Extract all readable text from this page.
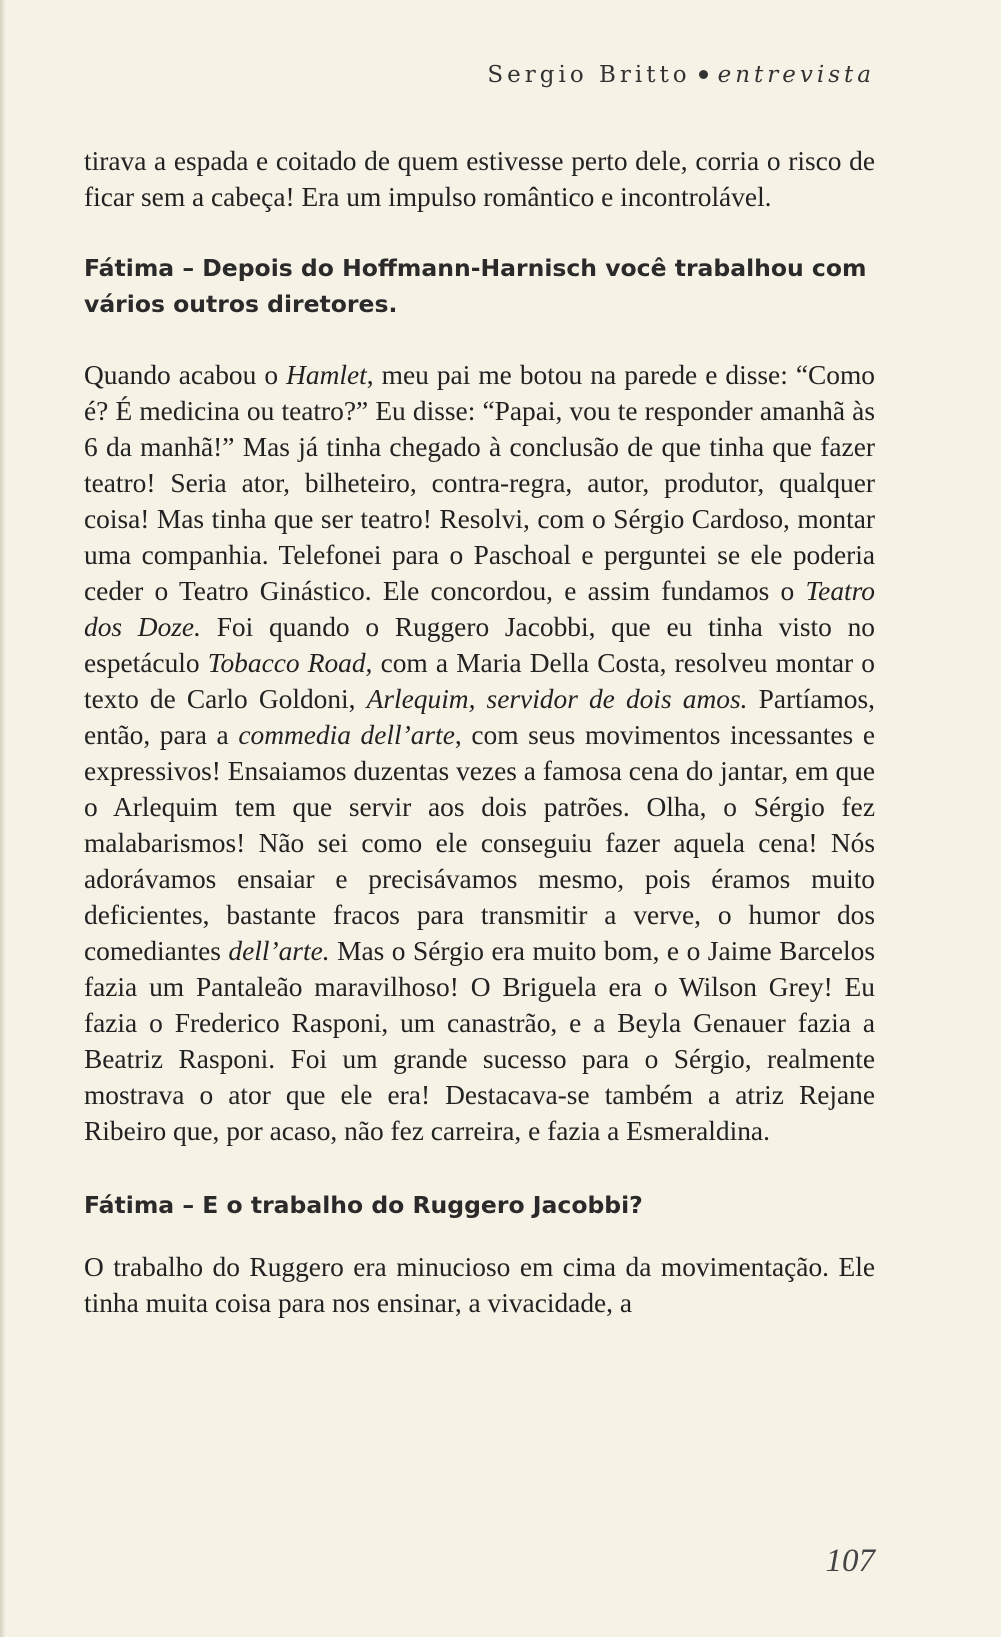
Sergio Britto entrevista

tirava a espada e coitado de quem estivesse perto dele, corria o risco de ficar sem a cabeça! Era um impulso romântico e incontrolável.

Fátima – Depois do Hoffmann-Harnisch você trabalhou com vários outros diretores.

Quando acabou o Hamlet, meu pai me botou na parede e disse: “Como é? É medicina ou teatro?” Eu disse: “Papai, vou te responder amanhã às 6 da manhã!” Mas já tinha chegado à conclusão de que tinha que fazer teatro! Seria ator, bilheteiro, contra-regra, autor, produtor, qualquer coisa! Mas tinha que ser teatro! Resolvi, com o Sérgio Cardoso, montar uma companhia. Telefonei para o Paschoal e perguntei se ele poderia ceder o Teatro Ginástico. Ele concordou, e assim fundamos o Teatro dos Doze. Foi quando o Ruggero Jacobbi, que eu tinha visto no espetáculo Tobacco Road, com a Maria Della Costa, resolveu montar o texto de Carlo Goldoni, Arlequim, servidor de dois amos. Partíamos, então, para a commedia dell’arte, com seus movimentos incessantes e expressivos! Ensaiamos duzentas vezes a famosa cena do jantar, em que o Arlequim tem que servir aos dois patrões. Olha, o Sérgio fez malabarismos! Não sei como ele conseguiu fazer aquela cena! Nós adorávamos ensaiar e precisávamos mesmo, pois éramos muito deficientes, bastante fracos para transmitir a verve, o humor dos comediantes dell’arte. Mas o Sérgio era muito bom, e o Jaime Barcelos fazia um Pantaleão maravilhoso! O Briguela era o Wilson Grey! Eu fazia o Frederico Rasponi, um canastrão, e a Beyla Genauer fazia a Beatriz Rasponi. Foi um grande sucesso para o Sérgio, realmente mostrava o ator que ele era! Destacava-se também a atriz Rejane Ribeiro que, por acaso, não fez carreira, e fazia a Esmeraldina.

Fátima – E o trabalho do Ruggero Jacobbi?

O trabalho do Ruggero era minucioso em cima da movimentação. Ele tinha muita coisa para nos ensinar, a vivacidade, a

107
